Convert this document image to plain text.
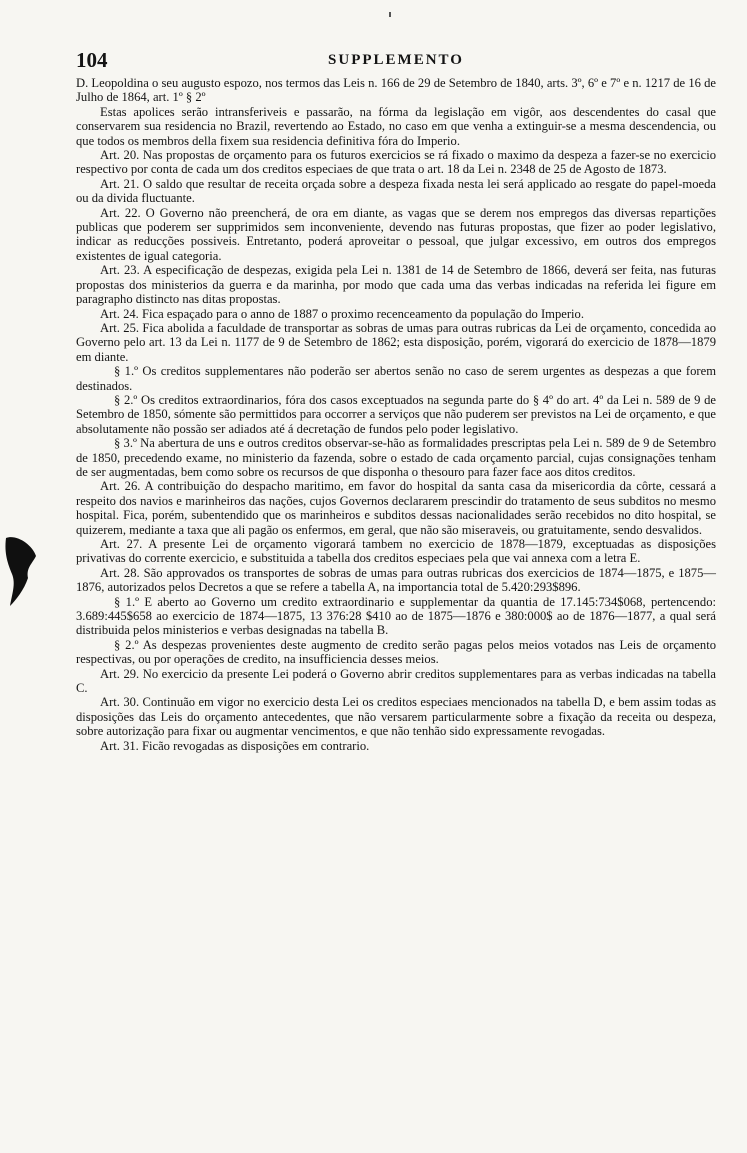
104	SUPPLEMENTO

D. Leopoldina o seu augusto espozo, nos termos das Leis n. 166 de 29 de Setembro de 1840, arts. 3º, 6º e 7º e n. 1217 de 16 de Julho de 1864, art. 1º § 2º

Estas apolices serão intransferiveis e passarão, na fórma da legislação em vigôr, aos descendentes do casal que conservarem sua residencia no Brazil, revertendo ao Estado, no caso em que venha a extinguir-se a mesma descendencia, ou que todos os membros della fixem sua residencia definitiva fóra do Imperio.

Art. 20. Nas propostas de orçamento para os futuros exercicios se rá fixado o maximo da despeza a fazer-se no exercicio respectivo por conta de cada um dos creditos especiaes de que trata o art. 18 da Lei n. 2348 de 25 de Agosto de 1873.

Art. 21. O saldo que resultar de receita orçada sobre a despeza fixada nesta lei será applicado ao resgate do papel-moeda ou da divida fluctuante.

Art. 22. O Governo não preencherá, de ora em diante, as vagas que se derem nos empregos das diversas repartições publicas que poderem ser supprimidos sem inconveniente, devendo nas futuras propostas, que fizer ao poder legislativo, indicar as reducções possiveis. Entretanto, poderá aproveitar o pessoal, que julgar excessivo, em outros dos empregos existentes de igual categoria.

Art. 23. A especificação de despezas, exigida pela Lei n. 1381 de 14 de Setembro de 1866, deverá ser feita, nas futuras propostas dos ministerios da guerra e da marinha, por modo que cada uma das verbas indicadas na referida lei figure em paragrapho distincto nas ditas propostas.

Art. 24. Fica espaçado para o anno de 1887 o proximo recenceamento da população do Imperio.

Art. 25. Fica abolida a faculdade de transportar as sobras de umas para outras rubricas da Lei de orçamento, concedida ao Governo pelo art. 13 da Lei n. 1177 de 9 de Setembro de 1862; esta disposição, porém, vigorará do exercicio de 1878—1879 em diante.

§ 1.º Os creditos supplementares não poderão ser abertos senão no caso de serem urgentes as despezas a que forem destinados.

§ 2.º Os creditos extraordinarios, fóra dos casos exceptuados na segunda parte do § 4º do art. 4º da Lei n. 589 de 9 de Setembro de 1850, sómente são permittidos para occorrer a serviços que não puderem ser previstos na Lei de orçamento, e que absolutamente não possão ser adiados até á decretação de fundos pelo poder legislativo.

§ 3.º Na abertura de uns e outros creditos observar-se-hão as formalidades prescriptas pela Lei n. 589 de 9 de Setembro de 1850, precedendo exame, no ministerio da fazenda, sobre o estado de cada orçamento parcial, cujas consignações tenham de ser augmentadas, bem como sobre os recursos de que disponha o thesouro para fazer face aos ditos creditos.

Art. 26. A contribuição do despacho maritimo, em favor do hospital da santa casa da misericordia da côrte, cessará a respeito dos navios e marinheiros das nações, cujos Governos declararem prescindir do tratamento de seus subditos no mesmo hospital. Fica, porém, subentendido que os marinheiros e subditos dessas nacionalidades serão recebidos no dito hospital, se quizerem, mediante a taxa que ali pagão os enfermos, em geral, que não são miseraveis, ou gratuitamente, sendo desvalidos.

Art. 27. A presente Lei de orçamento vigorará tambem no exercicio de 1878—1879, exceptuadas as disposições privativas do corrente exercicio, e substituida a tabella dos creditos especiaes pela que vai annexa com a letra E.

Art. 28. São approvados os transportes de sobras de umas para outras rubricas dos exercicios de 1874—1875, e 1875—1876, autorizados pelos Decretos a que se refere a tabella A, na importancia total de 5.420:293$896.

§ 1.º E aberto ao Governo um credito extraordinario e supplementar da quantia de 17.145:734$068, pertencendo: 3.689:445$658 ao exercicio de 1874—1875, 13 376:28 $410 ao de 1875—1876 e 380:000$ ao de 1876—1877, a qual será distribuida pelos ministerios e verbas designadas na tabella B.

§ 2.º As despezas provenientes deste augmento de credito serão pagas pelos meios votados nas Leis de orçamento respectivas, ou por operações de credito, na insufficiencia desses meios.

Art. 29. No exercicio da presente Lei poderá o Governo abrir creditos supplementares para as verbas indicadas na tabella C.

Art. 30. Continuão em vigor no exercicio desta Lei os creditos especiaes mencionados na tabella D, e bem assim todas as disposições das Leis do orçamento antecedentes, que não versarem particularmente sobre a fixação da receita ou despeza, sobre autorização para fixar ou augmentar vencimentos, e que não tenhão sido expressamente revogadas.

Art. 31. Ficão revogadas as disposições em contrario.
